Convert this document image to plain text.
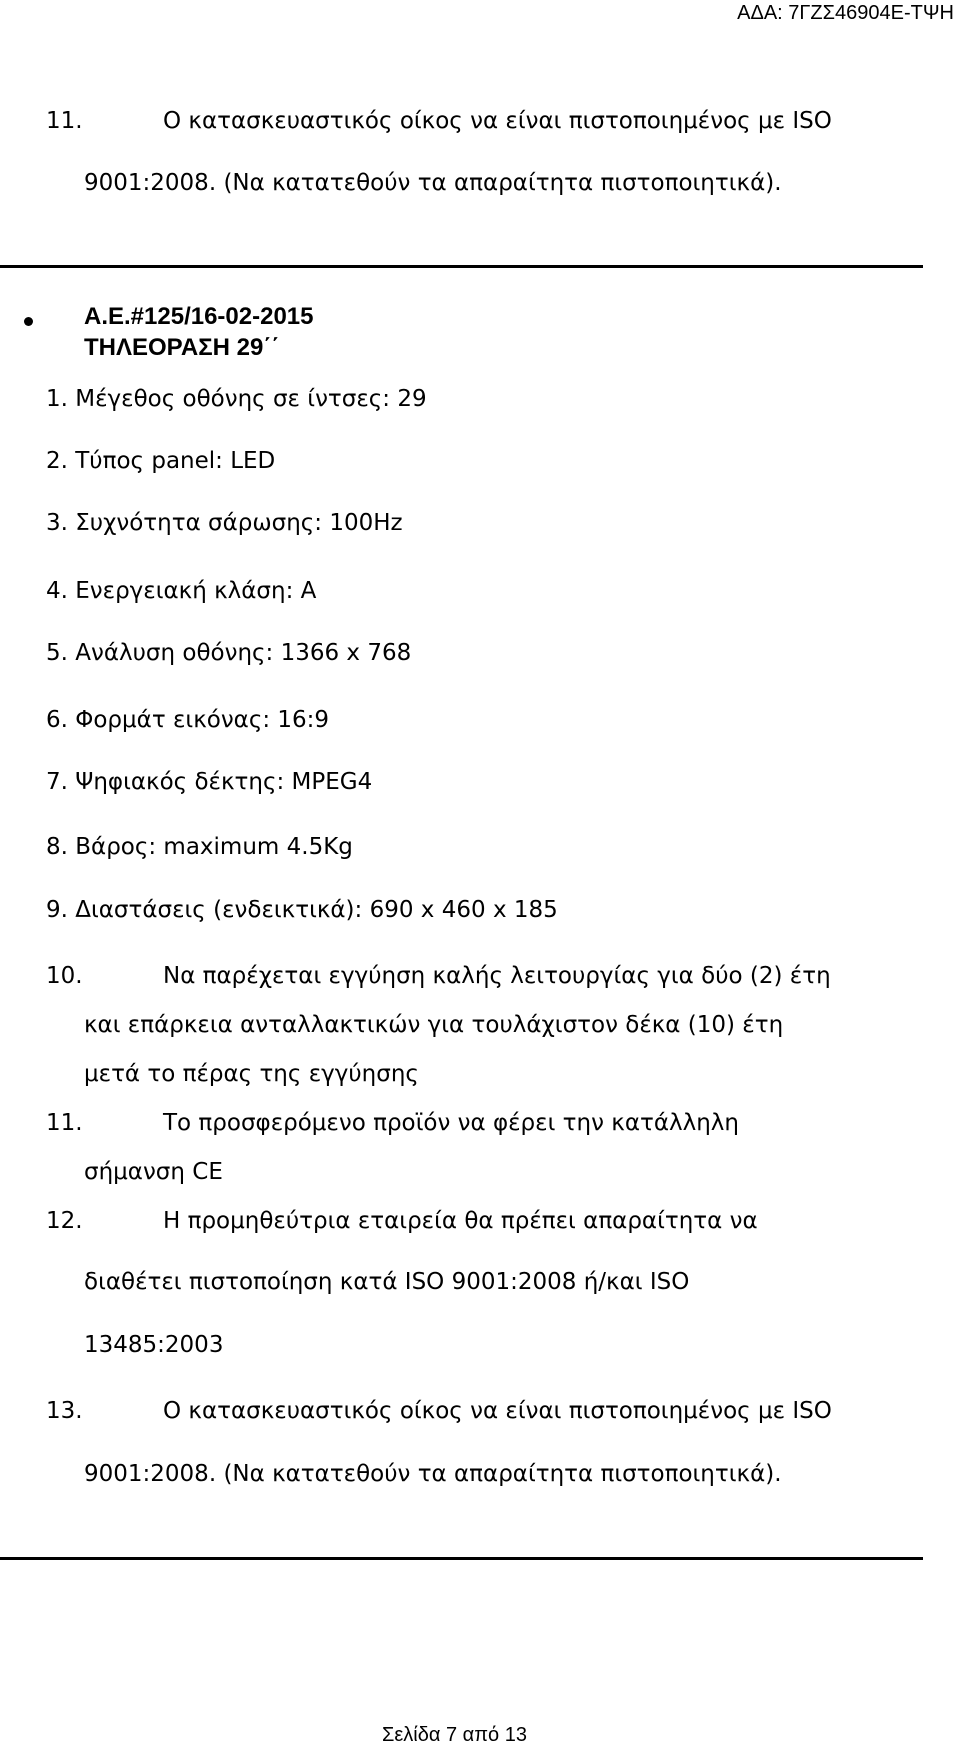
ΑΔΑ: 7ΓΖΣ46904Ε-ΤΨΗ
11.	Ο κατασκευαστικός οίκος να είναι πιστοποιημένος με ISO
9001:2008. (Να κατατεθούν τα απαραίτητα πιστοποιητικά).
Α.Ε.#125/16-02-2015
ΤΗΛΕΟΡΑΣΗ 29΄΄
1. Μέγεθος οθόνης σε ίντσες: 29
2. Τύπος panel: LED
3. Συχνότητα σάρωσης: 100Hz
4. Ενεργειακή κλάση: Α
5. Ανάλυση οθόνης: 1366 x 768
6. Φορμάτ εικόνας: 16:9
7. Ψηφιακός δέκτης: MPEG4
8. Βάρος: maximum 4.5Kg
9. Διαστάσεις (ενδεικτικά): 690 x 460 x 185
10.	Να παρέχεται εγγύηση καλής λειτουργίας για δύο (2) έτη
και επάρκεια ανταλλακτικών για τουλάχιστον δέκα (10) έτη
μετά το πέρας της εγγύησης
11.	Το προσφερόμενο προϊόν να φέρει την κατάλληλη
σήμανση CE
12.	Η προμηθεύτρια εταιρεία θα πρέπει απαραίτητα να
διαθέτει πιστοποίηση κατά ISO 9001:2008 ή/και ISO
13485:2003
13.	Ο κατασκευαστικός οίκος να είναι πιστοποιημένος με ISO
9001:2008. (Να κατατεθούν τα απαραίτητα πιστοποιητικά).
Σελίδα 7 από 13
